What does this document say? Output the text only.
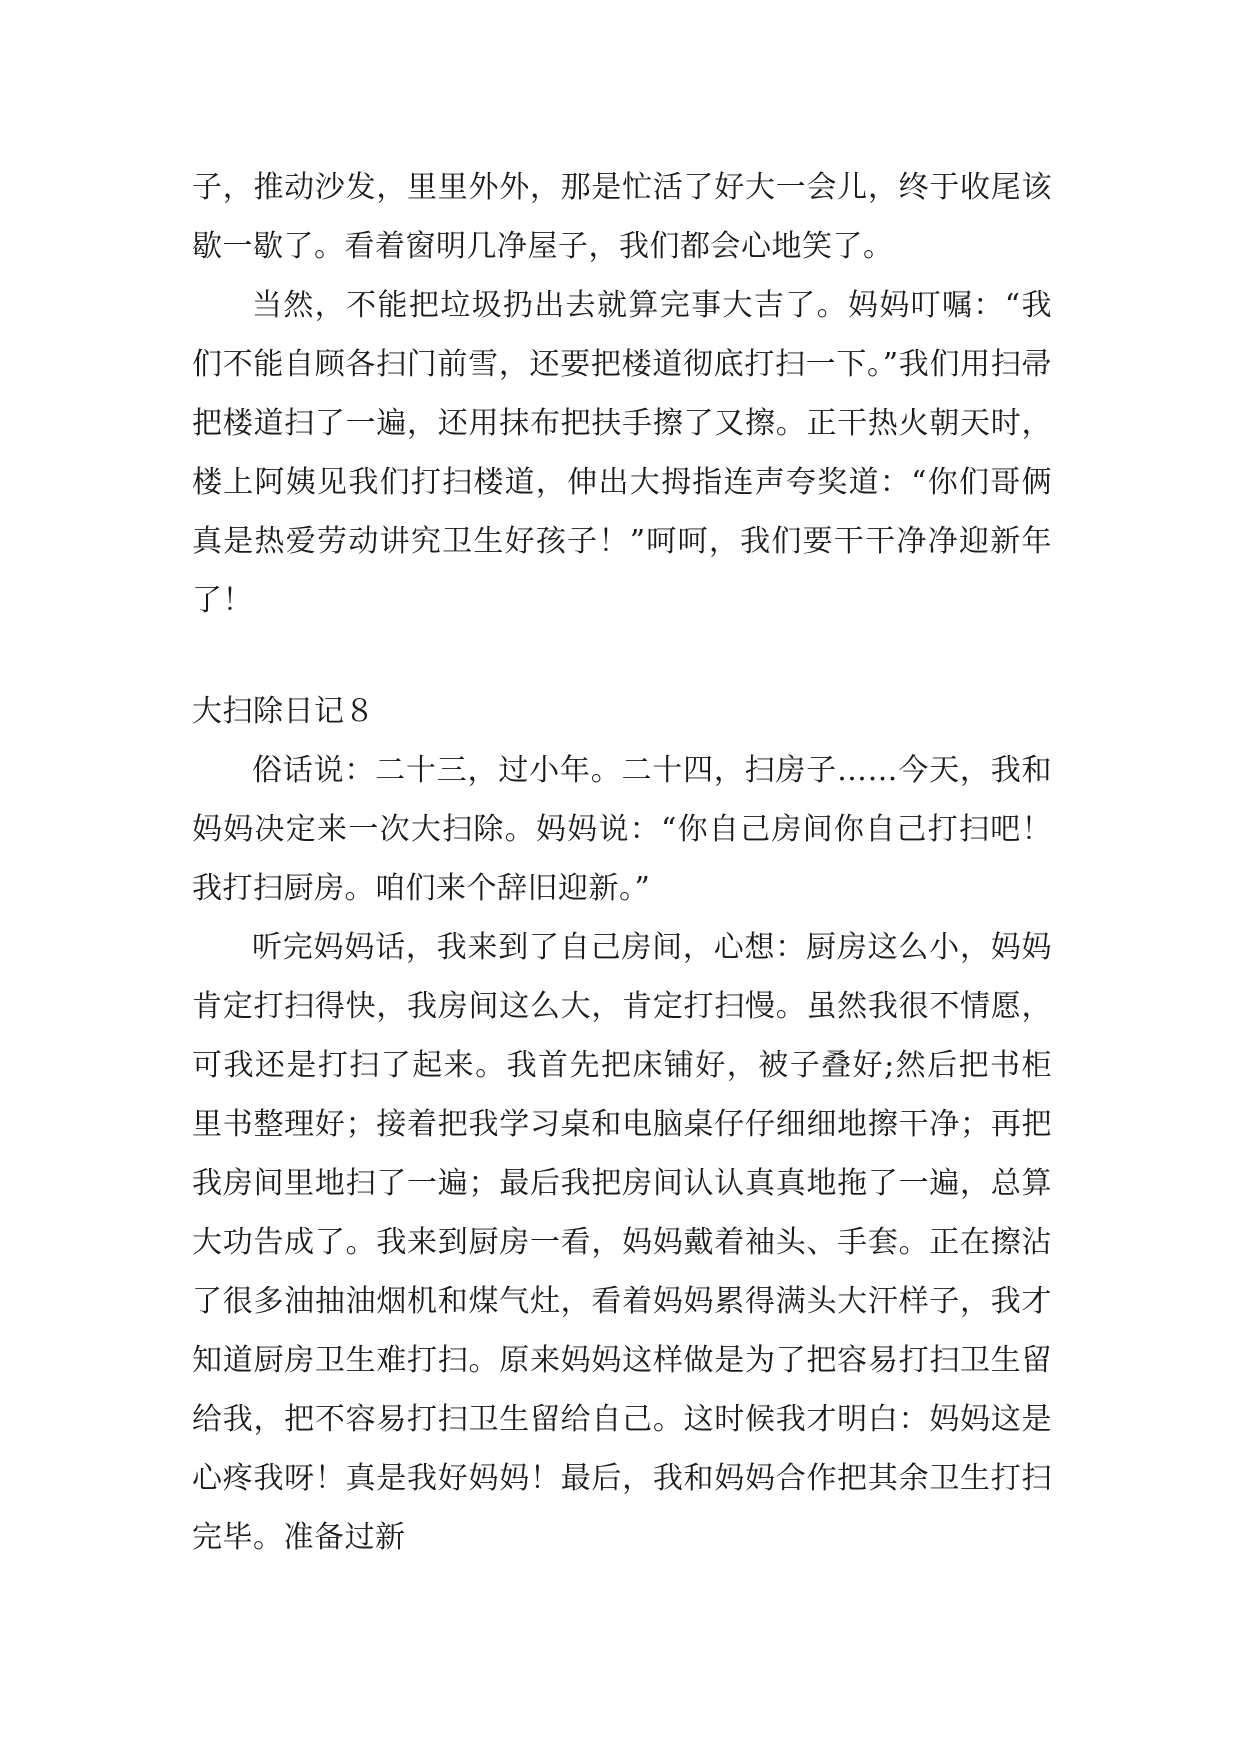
子，推动沙发，里里外外，那是忙活了好大一会儿，终于收尾该歇一歇了。看着窗明几净屋子，我们都会心地笑了。

当然，不能把垃圾扔出去就算完事大吉了。妈妈叮嘱：“我们不能自顾各扫门前雪，还要把楼道彻底打扫一下。”我们用扫帚把楼道扫了一遍，还用抹布把扶手擦了又擦。正干热火朝天时，楼上阿姨见我们打扫楼道，伸出大拇指连声夸奖道：“你们哥俩真是热爱劳动讲究卫生好孩子！”呵呵，我们要干干净净迎新年了！

大扫除日记８

俗话说：二十三，过小年。二十四，扫房子……今天，我和妈妈决定来一次大扫除。妈妈说：“你自己房间你自己打扫吧！我打扫厨房。咱们来个辞旧迎新。”

听完妈妈话，我来到了自己房间，心想：厨房这么小，妈妈肯定打扫得快，我房间这么大，肯定打扫慢。虽然我很不情愿，可我还是打扫了起来。我首先把床铺好，被子叠好;然后把书柜里书整理好；接着把我学习桌和电脑桌仔仔细细地擦干净；再把我房间里地扫了一遍；最后我把房间认认真真地拖了一遍，总算大功告成了。我来到厨房一看，妈妈戴着袖头、手套。正在擦沾了很多油抽油烟机和煤气灶，看着妈妈累得满头大汗样子，我才知道厨房卫生难打扫。原来妈妈这样做是为了把容易打扫卫生留给我，把不容易打扫卫生留给自己。这时候我才明白：妈妈这是心疼我呀！真是我好妈妈！最后，我和妈妈合作把其余卫生打扫完毕。准备过新
